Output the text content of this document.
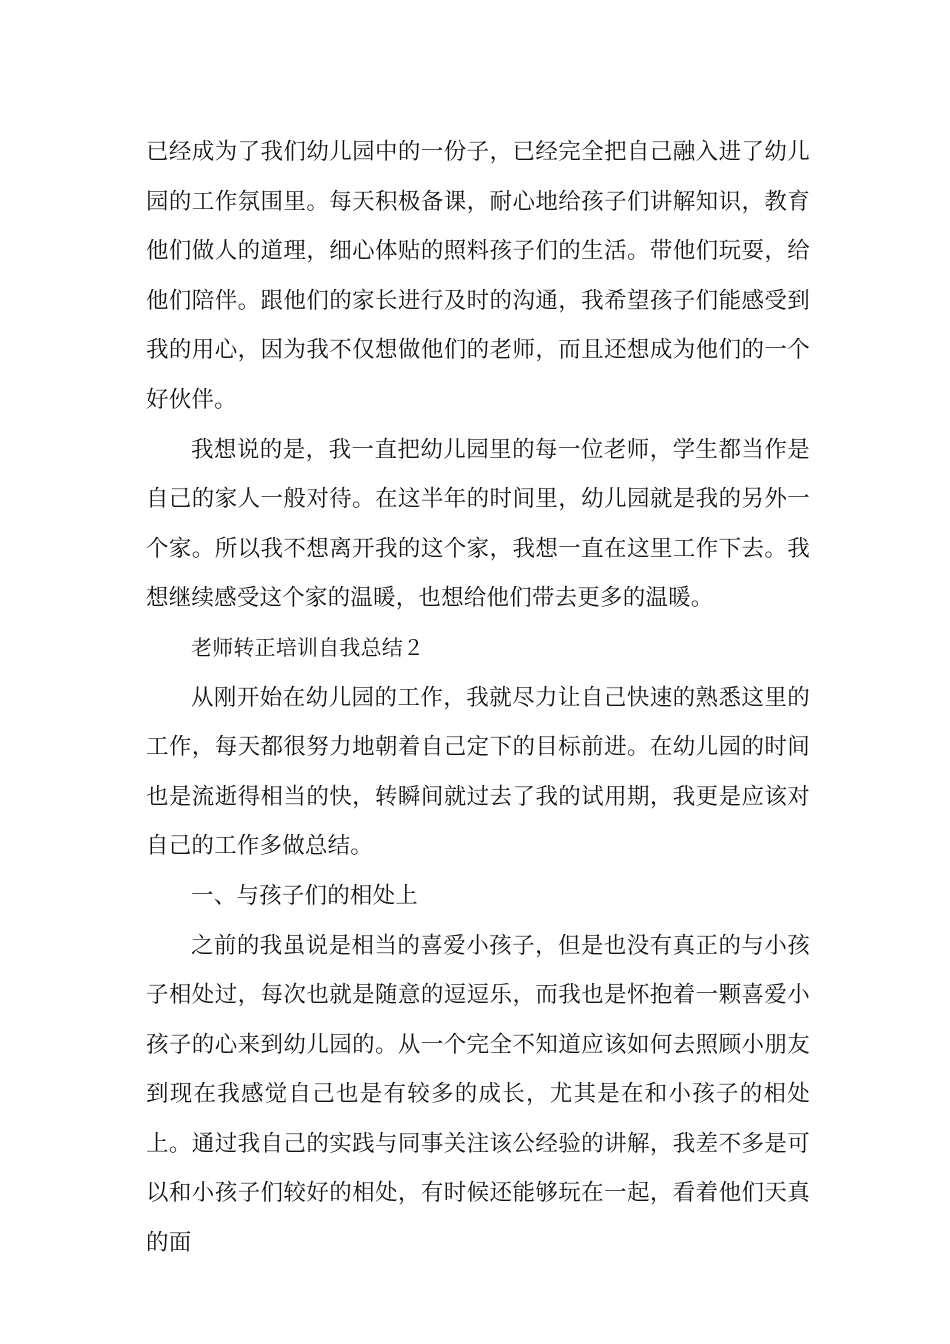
已经成为了我们幼儿园中的一份子，已经完全把自己融入进了幼儿园的工作氛围里。每天积极备课，耐心地给孩子们讲解知识，教育他们做人的道理，细心体贴的照料孩子们的生活。带他们玩耍，给他们陪伴。跟他们的家长进行及时的沟通，我希望孩子们能感受到我的用心，因为我不仅想做他们的老师，而且还想成为他们的一个好伙伴。

我想说的是，我一直把幼儿园里的每一位老师，学生都当作是自己的家人一般对待。在这半年的时间里，幼儿园就是我的另外一个家。所以我不想离开我的这个家，我想一直在这里工作下去。我想继续感受这个家的温暖，也想给他们带去更多的温暖。

老师转正培训自我总结２

从刚开始在幼儿园的工作，我就尽力让自己快速的熟悉这里的工作，每天都很努力地朝着自己定下的目标前进。在幼儿园的时间也是流逝得相当的快，转瞬间就过去了我的试用期，我更是应该对自己的工作多做总结。

一、与孩子们的相处上

之前的我虽说是相当的喜爱小孩子，但是也没有真正的与小孩子相处过，每次也就是随意的逗逗乐，而我也是怀抱着一颗喜爱小孩子的心来到幼儿园的。从一个完全不知道应该如何去照顾小朋友到现在我感觉自己也是有较多的成长，尤其是在和小孩子的相处上。通过我自己的实践与同事关注该公经验的讲解，我差不多是可以和小孩子们较好的相处，有时候还能够玩在一起，看着他们天真的面
